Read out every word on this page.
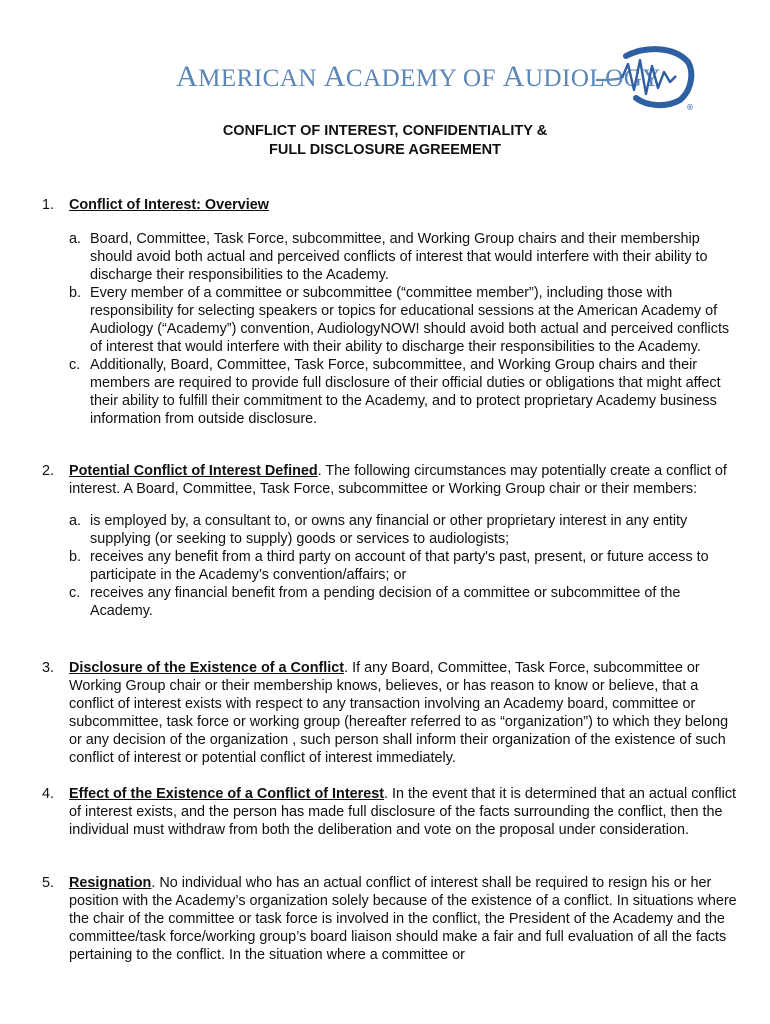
AMERICAN ACADEMY OF AUDIOLOGY
®
CONFLICT OF INTEREST, CONFIDENTIALITY &
FULL DISCLOSURE AGREEMENT
1. Conflict of Interest: Overview
a. Board, Committee, Task Force, subcommittee, and Working Group chairs and their membership should avoid both actual and perceived conflicts of interest that would interfere with their ability to discharge their responsibilities to the Academy.
b. Every member of a committee or subcommittee (“committee member”), including those with responsibility for selecting speakers or topics for educational sessions at the American Academy of Audiology (“Academy”) convention, AudiologyNOW! should avoid both actual and perceived conflicts of interest that would interfere with their ability to discharge their responsibilities to the Academy.
c. Additionally, Board, Committee, Task Force, subcommittee, and Working Group chairs and their members are required to provide full disclosure of their official duties or obligations that might affect their ability to fulfill their commitment to the Academy, and to protect proprietary Academy business information from outside disclosure.
2. Potential Conflict of Interest Defined. The following circumstances may potentially create a conflict of interest. A Board, Committee, Task Force, subcommittee or Working Group chair or their members:
a. is employed by, a consultant to, or owns any financial or other proprietary interest in any entity supplying (or seeking to supply) goods or services to audiologists;
b. receives any benefit from a third party on account of that party's past, present, or future access to participate in the Academy’s convention/affairs; or
c. receives any financial benefit from a pending decision of a committee or subcommittee of the Academy.
3. Disclosure of the Existence of a Conflict. If any Board, Committee, Task Force, subcommittee or Working Group chair or their membership knows, believes, or has reason to know or believe, that a conflict of interest exists with respect to any transaction involving an Academy board, committee or subcommittee, task force or working group (hereafter referred to as “organization”) to which they belong or any decision of the organization , such person shall inform their organization of the existence of such conflict of interest or potential conflict of interest immediately.
4. Effect of the Existence of a Conflict of Interest. In the event that it is determined that an actual conflict of interest exists, and the person has made full disclosure of the facts surrounding the conflict, then the individual must withdraw from both the deliberation and vote on the proposal under consideration.
5. Resignation. No individual who has an actual conflict of interest shall be required to resign his or her position with the Academy’s organization solely because of the existence of a conflict. In situations where the chair of the committee or task force is involved in the conflict, the President of the Academy and the committee/task force/working group’s board liaison should make a fair and full evaluation of all the facts pertaining to the conflict. In the situation where a committee or
